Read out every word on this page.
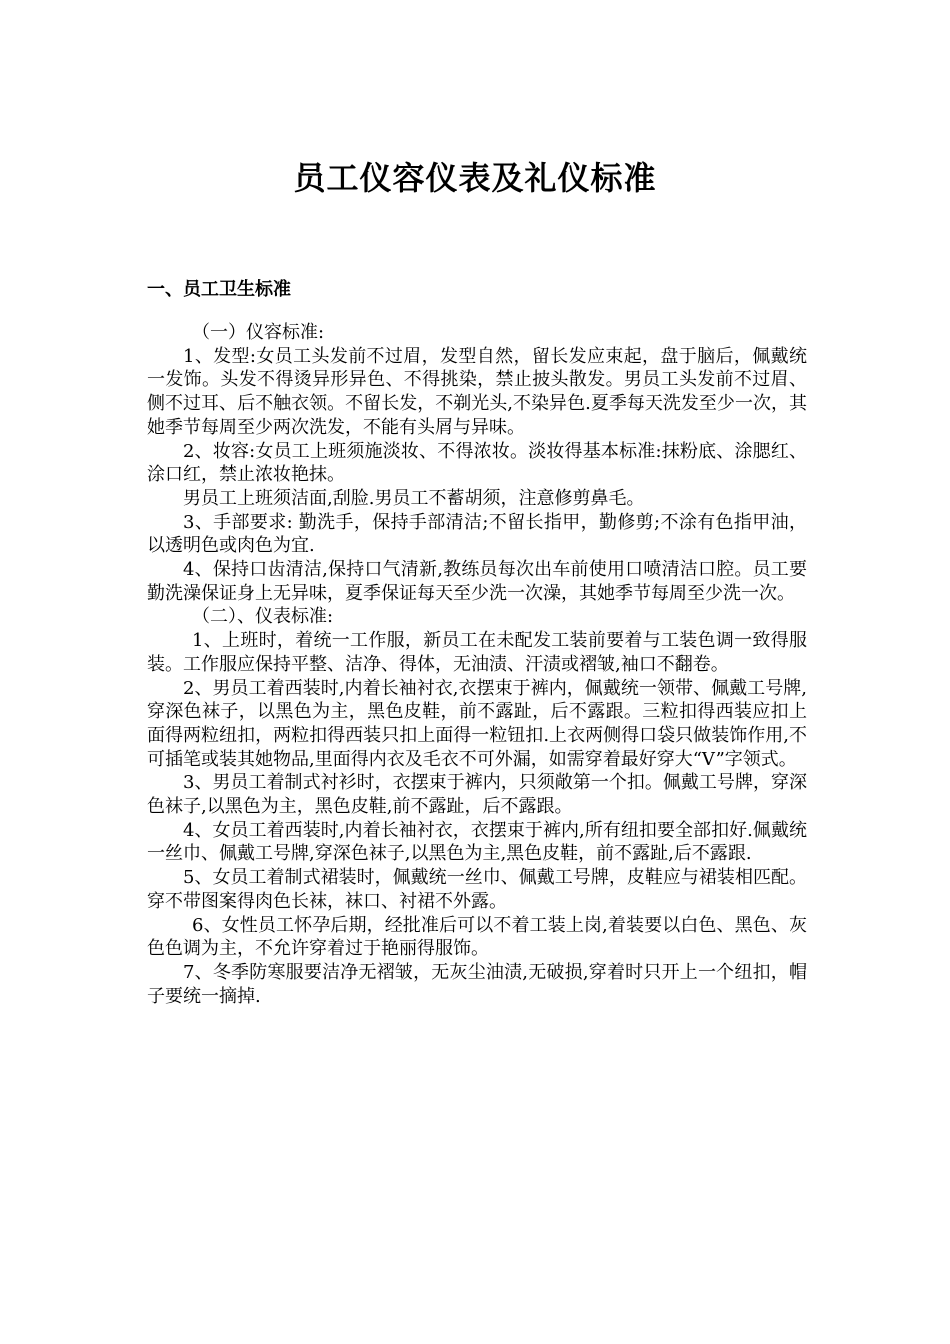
员工仪容仪表及礼仪标准
一、员工卫生标准

（一）仪容标准:

1、发型:女员工头发前不过眉，发型自然，留长发应束起，盘于脑后，佩戴统一发饰。头发不得烫异形异色、不得挑染，禁止披头散发。男员工头发前不过眉、侧不过耳、后不触衣领。不留长发，不剃光头,不染异色.夏季每天洗发至少一次，其她季节每周至少两次洗发，不能有头屑与异味。

2、妆容:女员工上班须施淡妆、不得浓妆。淡妆得基本标准:抹粉底、涂腮红、涂口红，禁止浓妆艳抹。

男员工上班须洁面,刮脸.男员工不蓄胡须，注意修剪鼻毛。

3、手部要求: 勤洗手，保持手部清洁;不留长指甲，勤修剪;不涂有色指甲油，以透明色或肉色为宜.

4、保持口齿清洁,保持口气清新,教练员每次出车前使用口喷清洁口腔。员工要勤洗澡保证身上无异味，夏季保证每天至少洗一次澡，其她季节每周至少洗一次。

（二）、仪表标准:

1、上班时，着统一工作服，新员工在未配发工装前要着与工装色调一致得服装。工作服应保持平整、洁净、得体，无油渍、汗渍或褶皱,袖口不翻卷。

2、男员工着西装时,内着长袖衬衣,衣摆束于裤内，佩戴统一领带、佩戴工号牌,穿深色袜子，以黑色为主，黑色皮鞋，前不露趾，后不露跟。三粒扣得西装应扣上面得两粒纽扣，两粒扣得西装只扣上面得一粒钮扣.上衣两侧得口袋只做装饰作用,不可插笔或装其她物品,里面得内衣及毛衣不可外漏，如需穿着最好穿大“V”字领式。

3、男员工着制式衬衫时，衣摆束于裤内，只须敞第一个扣。佩戴工号牌，穿深色袜子,以黑色为主，黑色皮鞋,前不露趾，后不露跟。

4、女员工着西装时,内着长袖衬衣，衣摆束于裤内,所有纽扣要全部扣好.佩戴统一丝巾、佩戴工号牌,穿深色袜子,以黑色为主,黑色皮鞋，前不露趾,后不露跟.

5、女员工着制式裙装时，佩戴统一丝巾、佩戴工号牌，皮鞋应与裙装相匹配。穿不带图案得肉色长袜，袜口、衬裙不外露。

6、女性员工怀孕后期，经批准后可以不着工装上岗,着装要以白色、黑色、灰色色调为主，不允许穿着过于艳丽得服饰。

7、冬季防寒服要洁净无褶皱，无灰尘油渍,无破损,穿着时只开上一个纽扣，帽子要统一摘掉.
